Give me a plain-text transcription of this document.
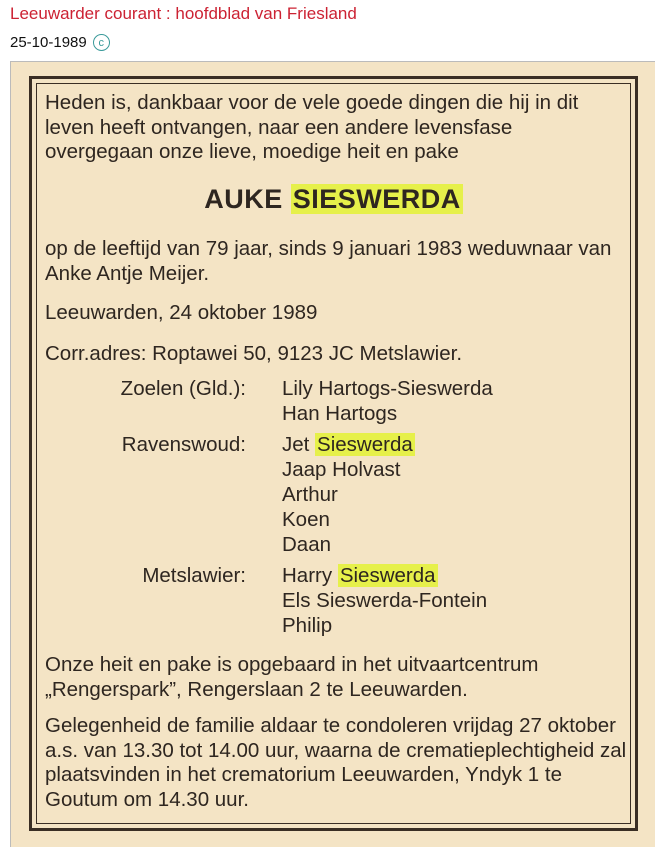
Leeuwarder courant : hoofdblad van Friesland
25-10-1989	c

Heden is, dankbaar voor de vele goede dingen die hij in dit leven heeft ontvangen, naar een andere levensfase overgegaan onze lieve, moedige heit en pake

AUKE SIESWERDA

op de leeftijd van 79 jaar, sinds 9 januari 1983 weduwnaar van Anke Antje Meijer.

Leeuwarden, 24 oktober 1989

Corr.adres: Roptawei 50, 9123 JC Metslawier.

Zoelen (Gld.): Lily Hartogs-Sieswerda
Han Hartogs
Ravenswoud: Jet Sieswerda
Jaap Holvast
Arthur
Koen
Daan
Metslawier: Harry Sieswerda
Els Sieswerda-Fontein
Philip

Onze heit en pake is opgebaard in het uitvaartcentrum „Rengerspark”, Rengerslaan 2 te Leeuwarden.

Gelegenheid de familie aldaar te condoleren vrijdag 27 oktober a.s. van 13.30 tot 14.00 uur, waarna de crematieplechtigheid zal plaatsvinden in het crematorium Leeuwarden, Yndyk 1 te Goutum om 14.30 uur.
